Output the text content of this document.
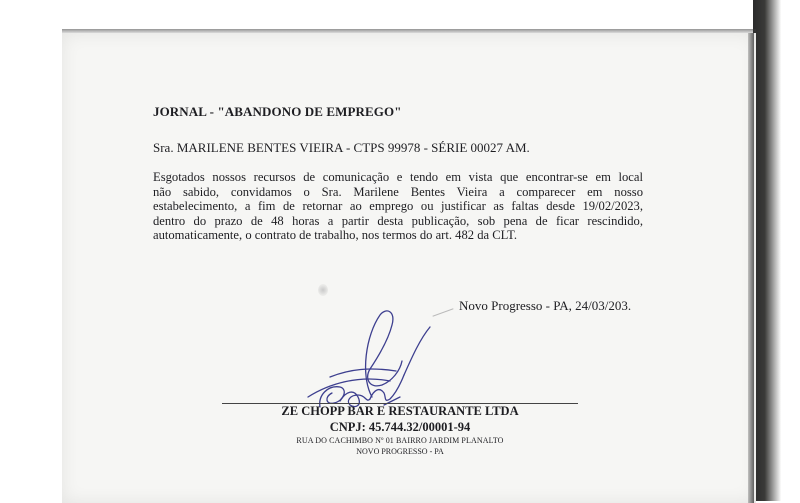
JORNAL - "ABANDONO DE EMPREGO"

Sra. MARILENE BENTES VIEIRA - CTPS 99978 - SÉRIE 00027 AM.

Esgotados nossos recursos de comunicação e tendo em vista que encontrar-se em local
não sabido, convidamos o Sra. Marilene Bentes Vieira a comparecer em nosso
estabelecimento, a fim de retornar ao emprego ou justificar as faltas desde 19/02/2023,
dentro do prazo de 48 horas a partir desta publicação, sob pena de ficar rescindido,
automaticamente, o contrato de trabalho, nos termos do art. 482 da CLT.

Novo Progresso - PA, 24/03/203.

ZE CHOPP BAR E RESTAURANTE LTDA

CNPJ: 45.744.32/00001-94

RUA DO CACHIMBO Nº 01 BAIRRO JARDIM PLANALTO

NOVO PROGRESSO - PA
